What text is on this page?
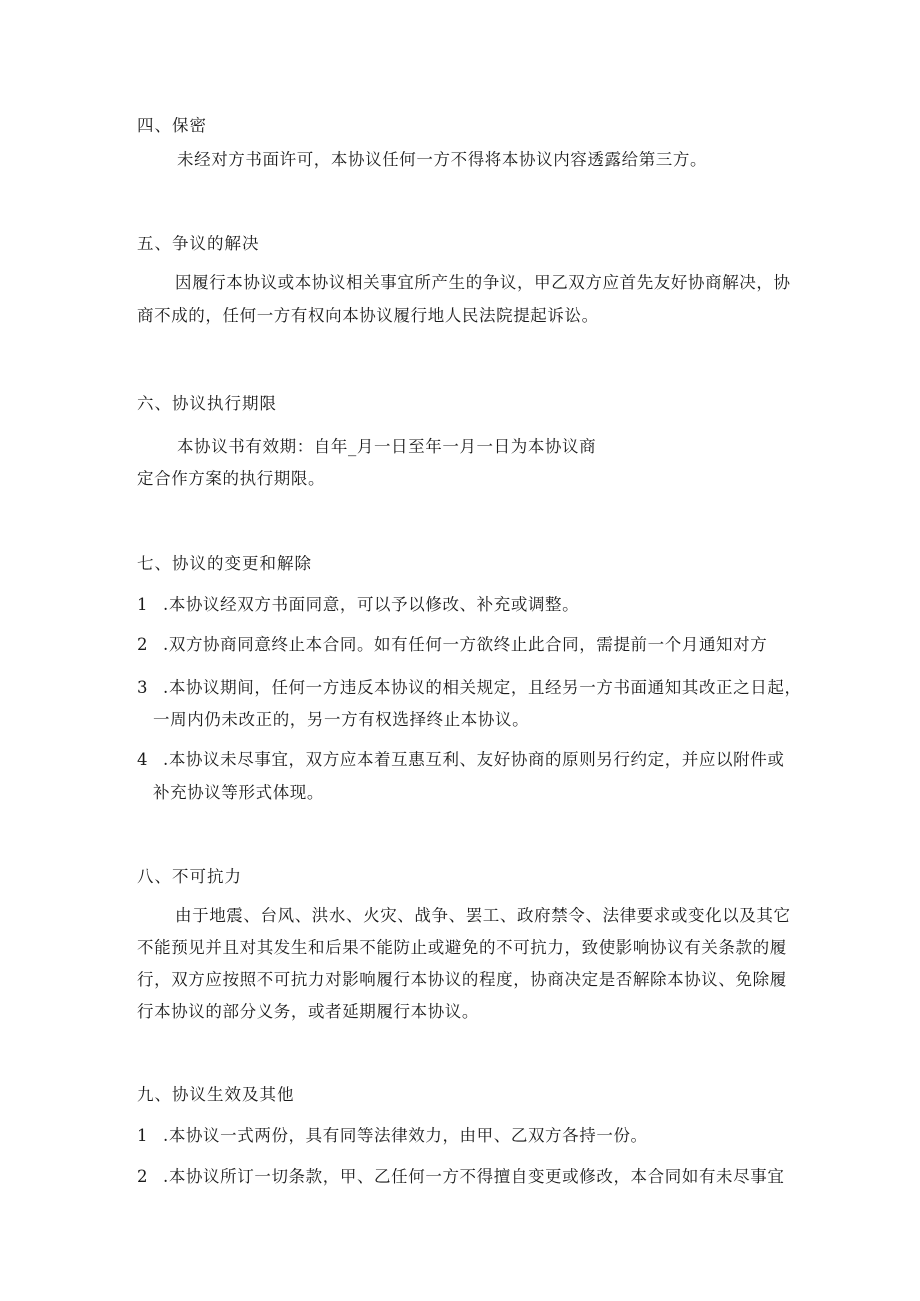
四、保密
未经对方书面许可，本协议任何一方不得将本协议内容透露给第三方。
五、争议的解决
因履行本协议或本协议相关事宜所产生的争议，甲乙双方应首先友好协商解决，协
商不成的，任何一方有权向本协议履行地人民法院提起诉讼。
六、协议执行期限
本协议书有效期：自年_月一日至年一月一日为本协议商
定合作方案的执行期限。
七、协议的变更和解除
1 .本协议经双方书面同意，可以予以修改、补充或调整。
2 .双方协商同意终止本合同。如有任何一方欲终止此合同，需提前一个月通知对方
3 .本协议期间，任何一方违反本协议的相关规定，且经另一方书面通知其改正之日起，
一周内仍未改正的，另一方有权选择终止本协议。
4 .本协议未尽事宜，双方应本着互惠互利、友好协商的原则另行约定，并应以附件或
补充协议等形式体现。
八、不可抗力
由于地震、台风、洪水、火灾、战争、罢工、政府禁令、法律要求或变化以及其它
不能预见并且对其发生和后果不能防止或避免的不可抗力，致使影响协议有关条款的履
行，双方应按照不可抗力对影响履行本协议的程度，协商决定是否解除本协议、免除履
行本协议的部分义务，或者延期履行本协议。
九、协议生效及其他
1 .本协议一式两份，具有同等法律效力，由甲、乙双方各持一份。
2 .本协议所订一切条款，甲、乙任何一方不得擅自变更或修改，本合同如有未尽事宜
